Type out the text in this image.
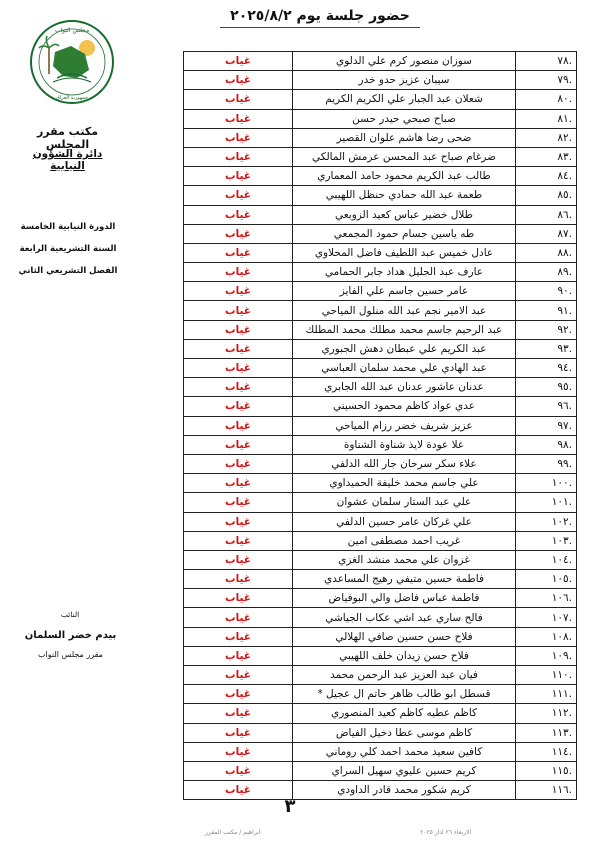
حضور جلسة يوم ٢٠٢٥/٨/٢
مجلس النواب
جمهورية العراق
مكتب مقرر المجلس
دائرة الشؤون النيابية
الدورة النيابية الخامسة
السنة التشريعية الرابعة
الفصل التشريعي الثاني
النائب
بيدم خضر السلمان
مقرر مجلس النواب
.٧٨	سوزان منصور كرم علي الدلوي	غياب
.٧٩	سيبان عزيز حدو خدر	غياب
.٨٠	شعلان عبد الجبار علي الكريم الكريم	غياب
.٨١	صباح صبحي حيدر حسن	غياب
.٨٢	ضحى رضا هاشم علوان القصير	غياب
.٨٣	ضرغام صباح عبد المحسن عرمش المالكي	غياب
.٨٤	طالب عبد الكريم محمود حامد المعماري	غياب
.٨٥	طعمة عبد الله حمادي حنظل اللهيبي	غياب
.٨٦	طلال خضير عباس كعيد الزوبعي	غياب
.٨٧	طه ياسين جسام حمود المجمعي	غياب
.٨٨	عادل خميس عبد اللطيف فاضل المحلاوي	غياب
.٨٩	عارف عبد الجليل هداد جابر الحمامي	غياب
.٩٠	عامر حسين جاسم علي الفايز	غياب
.٩١	عبد الامير نجم عبد الله منلول المياحي	غياب
.٩٢	عبد الرحيم جاسم محمد مطلك محمد المطلك	غياب
.٩٣	عبد الكريم علي عبطان دهش الجبوري	غياب
.٩٤	عبد الهادي علي محمد سلمان العباسي	غياب
.٩٥	عدنان عاشور عدنان عبد الله الجابري	غياب
.٩٦	عدي عواد كاظم محمود الحسيني	غياب
.٩٧	عزيز شريف خضر رزام المياحي	غياب
.٩٨	علا عودة لايذ شناوة الشناوة	غياب
.٩٩	علاء سكر سرحان جار الله الدلفي	غياب
.١٠٠	علي جاسم محمد خليفة الحميداوي	غياب
.١٠١	علي عبد الستار سلمان عشوان	غياب
.١٠٢	علي غركان عامر حسين الدلفي	غياب
.١٠٣	غريب احمد مصطفى امين	غياب
.١٠٤	غزوان علي محمد منشد الغزي	غياب
.١٠٥	فاطمة حسين متيفي رهيج المساعدي	غياب
.١٠٦	فاطمة عباس فاضل والي البوفياض	غياب
.١٠٧	فالح ساري عبد اشي عكاب الجياشي	غياب
.١٠٨	فلاح حسن حسين صافي الهلالي	غياب
.١٠٩	فلاح حسن زيدان خلف اللهيبي	غياب
.١١٠	فيان عبد العزيز عبد الرحمن محمد	غياب
.١١١	قسطل ابو طالب ظاهر حاتم ال عجيل *	غياب
.١١٢	كاظم عطيه كاظم كعيد المنصوري	غياب
.١١٣	كاظم موسى عطا دخيل الفياض	غياب
.١١٤	كافين سعيد محمد احمد كلي روماني	غياب
.١١٥	كريم حسين عليوي سهيل السراي	غياب
.١١٦	كريم شكور محمد قادر الداودي	غياب
٣
ابراهيم / مكتب المقرر	الاربعاء ٢٦ اذار ٢٠٢٥
